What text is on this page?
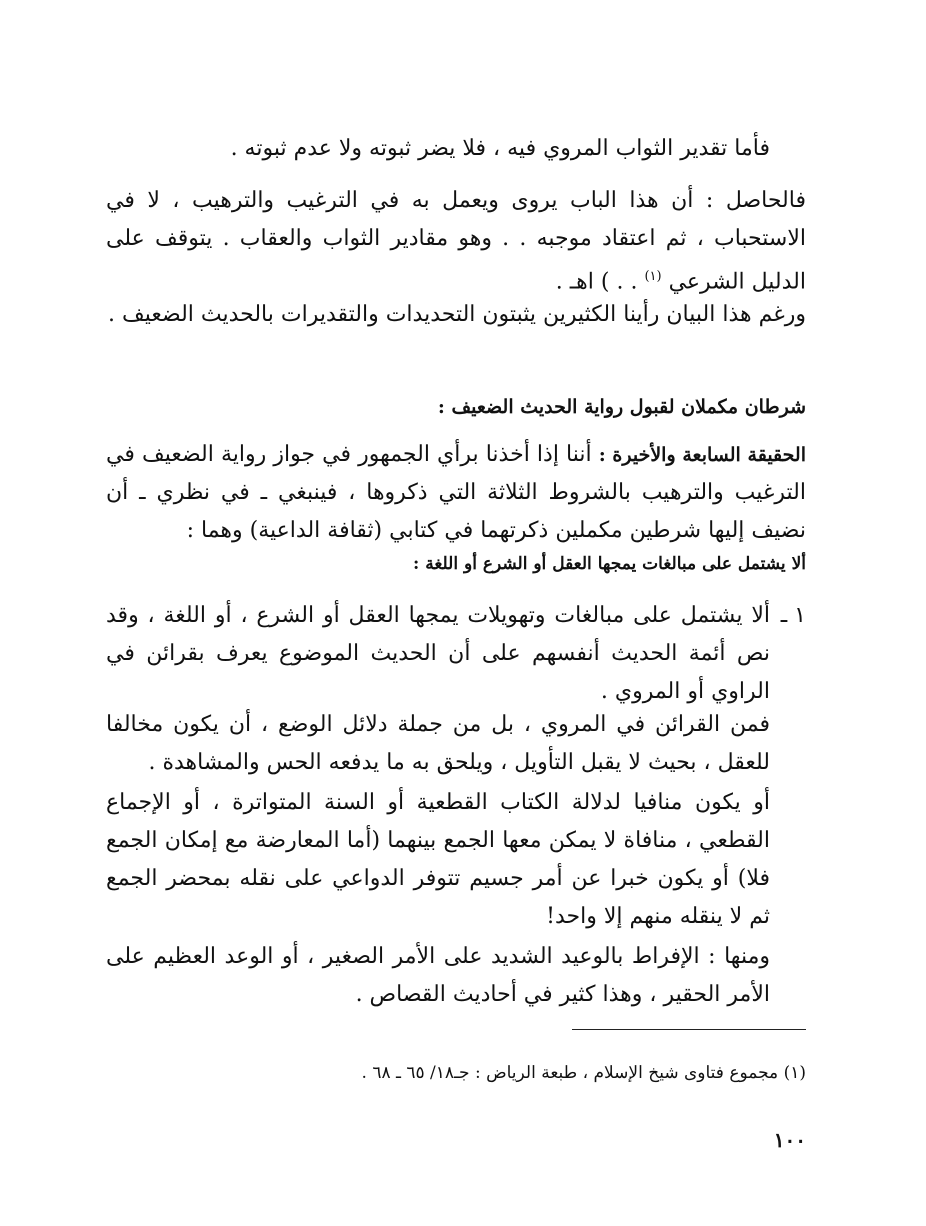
فأما تقدير الثواب المروي فيه ، فلا يضر ثبوته ولا عدم ثبوته .

فالحاصل : أن هذا الباب يروى ويعمل به في الترغيب والترهيب ، لا في الاستحباب ، ثم اعتقاد موجبه . . وهو مقادير الثواب والعقاب . يتوقف على الدليل الشرعي $^{(١)}$ . . ) اهـ .

ورغم هذا البيان رأينا الكثيرين يثبتون التحديدات والتقديرات بالحديث الضعيف .

شرطان مكملان لقبول رواية الحديث الضعيف :

الحقيقة السابعة والأخيرة : أننا إذا أخذنا برأي الجمهور في جواز رواية الضعيف في الترغيب والترهيب بالشروط الثلاثة التي ذكروها ، فينبغي ـ في نظري ـ أن نضيف إليها شرطين مكملين ذكرتهما في كتابي (ثقافة الداعية) وهما :

ألا يشتمل على مبالغات يمجها العقل أو الشرع أو اللغة :
١ ـ
ألا يشتمل على مبالغات وتهويلات يمجها العقل أو الشرع ، أو اللغة ، وقد نص أئمة الحديث أنفسهم على أن الحديث الموضوع يعرف بقرائن في الراوي أو المروي .

فمن القرائن في المروي ، بل من جملة دلائل الوضع ، أن يكون مخالفا للعقل ، بحيث لا يقبل التأويل ، ويلحق به ما يدفعه الحس والمشاهدة .

أو يكون منافيا لدلالة الكتاب القطعية أو السنة المتواترة ، أو الإجماع القطعي ، منافاة لا يمكن معها الجمع بينهما (أما المعارضة مع إمكان الجمع فلا) أو يكون خبرا عن أمر جسيم تتوفر الدواعي على نقله بمحضر الجمع ثم لا ينقله منهم إلا واحد!

ومنها : الإفراط بالوعيد الشديد على الأمر الصغير ، أو الوعد العظيم على الأمر الحقير ، وهذا كثير في أحاديث القصاص .

(١) مجموع فتاوى شيخ الإسلام ، طبعة الرياض : جـ١٨/ ٦٥ ـ ٦٨ .

١٠٠
